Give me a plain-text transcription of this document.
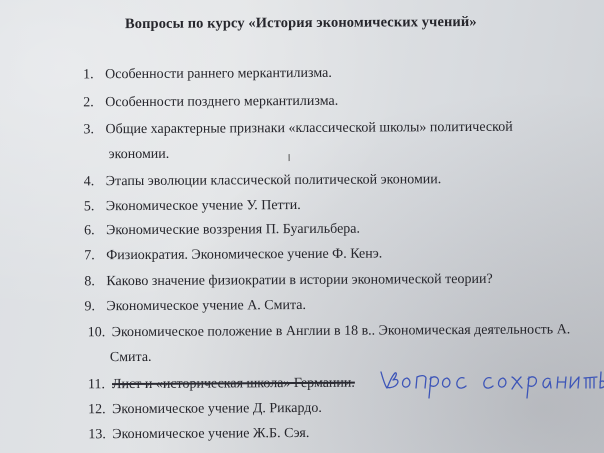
Вопросы по курсу «История экономических учений»
1. Особенности раннего меркантилизма.
2. Особенности позднего меркантилизма.
3. Общие характерные признаки «классической школы» политической
экономии.
4. Этапы эволюции классической политической экономии.
5. Экономическое учение У. Петти.
6. Экономические воззрения П. Буагильбера.
7. Физиократия. Экономическое учение Ф. Кенэ.
8. Каково значение физиократии в истории экономической теории?
9. Экономическое учение А. Смита.
10. Экономическое положение в Англии в 18 в.. Экономическая деятельность А.
Смита.
11. Лист и «историческая школа» Германии.
12. Экономическое учение Д. Рикардо.
13. Экономическое учение Ж.Б. Сэя.
